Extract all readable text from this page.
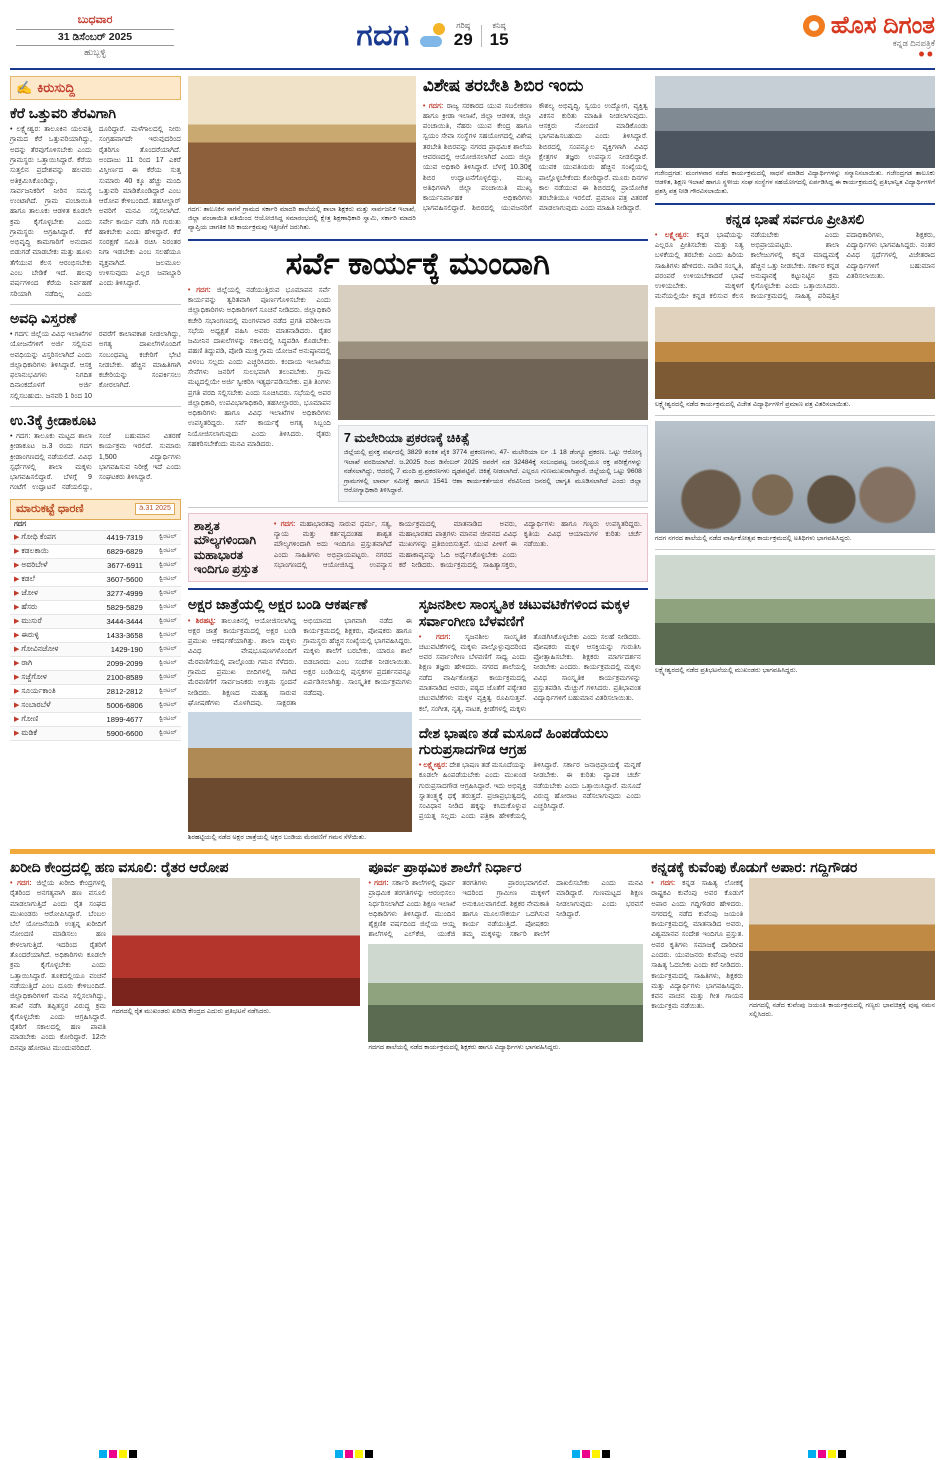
ಬುಧವಾರ
31 ಡಿಸೆಂಬರ್ 2025
ಹುಬ್ಬಳ್ಳಿ	ಗದಗ	ಗರಿಷ್ಠ
29
ಕನಿಷ್ಠ
15
ಹೊಸ ದಿಗಂತ
ಕನ್ನಡ ದಿನಪತ್ರಿಕೆ
••
✍ ಕಿರುಸುದ್ದಿ
ಕೆರೆ ಒತ್ತುವರಿ ತೆರವಿಗಾಗಿ
• ಲಕ್ಷ್ಮೇಶ್ವರ: ತಾಲೂಕಿನ ಯಲವತ್ತಿ ಗ್ರಾಮದ ಕೆರೆ ಒತ್ತುವರಿಯಾಗಿದ್ದು, ಅದನ್ನು ತೆರವುಗೊಳಿಸಬೇಕು ಎಂದು ಗ್ರಾಮಸ್ಥರು ಒತ್ತಾಯಿಸಿದ್ದಾರೆ. ಕೆರೆಯ ಸುತ್ತಲಿನ ಪ್ರದೇಶವನ್ನು ಹಲವರು ಅತಿಕ್ರಮಿಸಿಕೊಂಡಿದ್ದು, ಸಾರ್ವಜನಿಕರಿಗೆ ನೀರಿನ ಸಮಸ್ಯೆ ಉಂಟಾಗಿದೆ. ಗ್ರಾಮ ಪಂಚಾಯಿತಿ ಹಾಗೂ ತಾಲೂಕು ಆಡಳಿತ ಕೂಡಲೇ ಕ್ರಮ ಕೈಗೊಳ್ಳಬೇಕು ಎಂದು ಗ್ರಾಮಸ್ಥರು ಆಗ್ರಹಿಸಿದ್ದಾರೆ. ಕೆರೆ ಅಭಿವೃದ್ಧಿ ಕಾಮಗಾರಿಗೆ ಅನುದಾನ ಬಿಡುಗಡೆ ಮಾಡಬೇಕು ಮತ್ತು ಹೂಳು ತೆಗೆಯುವ ಕೆಲಸ ಆರಂಭಿಸಬೇಕು ಎಂಬ ಬೇಡಿಕೆ ಇದೆ. ಹಲವು ವರ್ಷಗಳಿಂದ ಕೆರೆಯ ನಿರ್ವಹಣೆ ಸರಿಯಾಗಿ ನಡೆದಿಲ್ಲ ಎಂದು ದೂರಿದ್ದಾರೆ. ಮಳೆಗಾಲದಲ್ಲಿ ನೀರು ಸಂಗ್ರಹವಾಗದೇ ಇರುವುದರಿಂದ ರೈತರಿಗೂ ತೊಂದರೆಯಾಗಿದೆ. ಅಂದಾಜು 11 ರಿಂದ 17 ಎಕರೆ ವಿಸ್ತೀರ್ಣದ ಈ ಕೆರೆಯ ಸುತ್ತ ಸುಮಾರು 40 ಕ್ಕೂ ಹೆಚ್ಚು ಮಂದಿ ಒತ್ತುವರಿ ಮಾಡಿಕೊಂಡಿದ್ದಾರೆ ಎಂಬ ಆರೋಪ ಕೇಳಿಬಂದಿದೆ. ತಹಸೀಲ್ದಾರ್ ಅವರಿಗೆ ಮನವಿ ಸಲ್ಲಿಸಲಾಗಿದೆ. ಸರ್ವೇ ಕಾರ್ಯ ನಡೆಸಿ ಗಡಿ ಗುರುತು ಹಾಕಬೇಕು ಎಂದು ಹೇಳಿದ್ದಾರೆ. ಕೆರೆ ಸಂರಕ್ಷಣೆ ಸಮಿತಿ ರಚಿಸಿ ನಿರಂತರ ನಿಗಾ ಇಡಬೇಕು ಎಂಬ ಸಲಹೆಯೂ ವ್ಯಕ್ತವಾಗಿದೆ. ಜಲಮೂಲ ಉಳಿಸುವುದು ಎಲ್ಲರ ಜವಾಬ್ದಾರಿ ಎಂದು ತಿಳಿಸಿದ್ದಾರೆ.
ಅವಧಿ ವಿಸ್ತರಣೆ
• ಗದಗ: ಜಿಲ್ಲೆಯ ವಿವಿಧ ಇಲಾಖೆಗಳ ಯೋಜನೆಗಳಿಗೆ ಅರ್ಜಿ ಸಲ್ಲಿಸುವ ಅವಧಿಯನ್ನು ವಿಸ್ತರಿಸಲಾಗಿದೆ ಎಂದು ಜಿಲ್ಲಾಧಿಕಾರಿಗಳು ತಿಳಿಸಿದ್ದಾರೆ. ಆಸಕ್ತ ಫಲಾನುಭವಿಗಳು ನಿಗದಿತ ದಿನಾಂಕದೊಳಗೆ ಅರ್ಜಿ ಸಲ್ಲಿಸಬಹುದು. ಜನವರಿ 1 ರಿಂದ 10 ರವರೆಗೆ ಕಾಲಾವಕಾಶ ನೀಡಲಾಗಿದ್ದು, ಅಗತ್ಯ ದಾಖಲೆಗಳೊಂದಿಗೆ ಸಂಬಂಧಪಟ್ಟ ಕಚೇರಿಗೆ ಭೇಟಿ ನೀಡಬೇಕು. ಹೆಚ್ಚಿನ ಮಾಹಿತಿಗಾಗಿ ಕಚೇರಿಯನ್ನು ಸಂಪರ್ಕಿಸಲು ಕೋರಲಾಗಿದೆ.
ಉ.3ಕ್ಕೆ ಕ್ರೀಡಾಕೂಟ
• ಗದಗ: ತಾಲೂಕು ಮಟ್ಟದ ಶಾಲಾ ಕ್ರೀಡಾಕೂಟ ಜ.3 ರಂದು ಗದಗ ಕ್ರೀಡಾಂಗಣದಲ್ಲಿ ನಡೆಯಲಿದೆ. ವಿವಿಧ ಸ್ಪರ್ಧೆಗಳಲ್ಲಿ ಶಾಲಾ ಮಕ್ಕಳು ಭಾಗವಹಿಸಲಿದ್ದಾರೆ. ಬೆಳಗ್ಗೆ 9 ಗಂಟೆಗೆ ಉದ್ಘಾಟನೆ ನಡೆಯಲಿದ್ದು, ಸಂಜೆ ಬಹುಮಾನ ವಿತರಣೆ ಕಾರ್ಯಕ್ರಮ ಇರಲಿದೆ. ಸುಮಾರು 1,500 ವಿದ್ಯಾರ್ಥಿಗಳು ಭಾಗವಹಿಸುವ ನಿರೀಕ್ಷೆ ಇದೆ ಎಂದು ಸಂಘಟಕರು ತಿಳಿಸಿದ್ದಾರೆ.
ಮಾರುಕಟ್ಟೆ ಧಾರಣಿ	ಡಿ.31 2025
ಗದಗ
▶ ಗೋಧಿ ಕೆಂಪಗ	4419-7319	ಕ್ವಿಂಟಲ್
▶ ಕಡಲಕಾಯಿ	6829-6829	ಕ್ವಿಂಟಲ್
▶ ಅವರಿಬೇಳೆ	3677-6911	ಕ್ವಿಂಟಲ್
▶ ಕಡಲೆ	3607-5600	ಕ್ವಿಂಟಲ್
▶ ಜೋಳ	3277-4999	ಕ್ವಿಂಟಲ್
▶ ಹೆಸರು	5829-5829	ಕ್ವಿಂಟಲ್
▶ ಮುಸುರೆ	3444-3444	ಕ್ವಿಂಟಲ್
▶ ಈರುಳ್ಳಿ	1433-3658	ಕ್ವಿಂಟಲ್
▶ ಗೋವಿನಜೋಳ	1429-190	ಕ್ವಿಂಟಲ್
▶ ರಾಗಿ	2099-2099	ಕ್ವಿಂಟಲ್
▶ ಸಜ್ಜೆಗೋಳ	2100-8589	ಕ್ವಿಂಟಲ್
▶ ಸೂರ್ಯಕಾಂತಿ	2812-2812	ಕ್ವಿಂಟಲ್
▶ ಸಂಬಾರಬೆಳೆ	5006-6806	ಕ್ವಿಂಟಲ್
▶ ಗೋಣಿ	1899-4677	ಕ್ವಿಂಟಲ್
▶ ಮಡಿಕೆ	5900-6600	ಕ್ವಿಂಟಲ್
ಗದಗ: ತಾಲೂಕಿನ ಸಾಗನೆ ಗ್ರಾಮದ ಸರ್ಕಾರಿ ಮಾದರಿ ಶಾಲೆಯಲ್ಲಿ ಶಾಲಾ ಶಿಕ್ಷಕರು ಮತ್ತು ಸಾರ್ವಜನಿಕ ಇಲಾಖೆ, ಜಿಲ್ಲಾ ಪಂಚಾಯಿತಿ ವತಿಯಿಂದ ಆಯೋಜಿಸಿದ್ದ ಸಮಾರಂಭದಲ್ಲಿ ಕ್ಷೇತ್ರ ಶಿಕ್ಷಣಾಧಿಕಾರಿ ಸ್ವಾಮಿ, ಸರ್ಕಾರಿ ಮಾದರಿ ವ್ಯಾಪ್ತಿಯ ಜಾಗತಿಕ ಸಿರಿ ಕಾರ್ಯಕ್ರಮವು ಇತ್ತೀಚೆಗೆ ಜರುಗಿತು.
ವಿಶೇಷ ತರಬೇತಿ ಶಿಬಿರ ಇಂದು
• ಗದಗ: ರಾಜ್ಯ ಸರಕಾರದ ಯುವ ಸಬಲೀಕರಣ ಹಾಗೂ ಕ್ರೀಡಾ ಇಲಾಖೆ, ಜಿಲ್ಲಾ ಆಡಳಿತ, ಜಿಲ್ಲಾ ಪಂಚಾಯಿತಿ, ನೆಹರು ಯುವ ಕೇಂದ್ರ ಹಾಗೂ ಸ್ವಯಂ ಸೇವಾ ಸಂಸ್ಥೆಗಳ ಸಹಯೋಗದಲ್ಲಿ ವಿಶೇಷ ತರಬೇತಿ ಶಿಬಿರವನ್ನು ನಗರದ ಪ್ರಾಥಮಿಕ ಶಾಲೆಯ ಆವರಣದಲ್ಲಿ ಆಯೋಜಿಸಲಾಗಿದೆ ಎಂದು ಜಿಲ್ಲಾ ಯುವ ಅಧಿಕಾರಿ ತಿಳಿಸಿದ್ದಾರೆ. ಬೆಳಗ್ಗೆ 10.30ಕ್ಕೆ ಶಿಬಿರ ಉದ್ಘಾಟನೆಗೊಳ್ಳಲಿದ್ದು, ಮುಖ್ಯ ಅತಿಥಿಗಳಾಗಿ ಜಿಲ್ಲಾ ಪಂಚಾಯಿತಿ ಮುಖ್ಯ ಕಾರ್ಯನಿರ್ವಾಹಕ ಅಧಿಕಾರಿಗಳು ಭಾಗವಹಿಸಲಿದ್ದಾರೆ. ಶಿಬಿರದಲ್ಲಿ ಯುವಜನರಿಗೆ ಕೌಶಲ್ಯ ಅಭಿವೃದ್ಧಿ, ಸ್ವಯಂ ಉದ್ಯೋಗ, ವ್ಯಕ್ತಿತ್ವ ವಿಕಸನ ಕುರಿತು ಮಾಹಿತಿ ನೀಡಲಾಗುವುದು. ಆಸಕ್ತರು ನೋಂದಣಿ ಮಾಡಿಕೊಂಡು ಭಾಗವಹಿಸಬಹುದು ಎಂದು ತಿಳಿಸಿದ್ದಾರೆ. ಶಿಬಿರದಲ್ಲಿ ಸಂಪನ್ಮೂಲ ವ್ಯಕ್ತಿಗಳಾಗಿ ವಿವಿಧ ಕ್ಷೇತ್ರಗಳ ತಜ್ಞರು ಉಪನ್ಯಾಸ ನೀಡಲಿದ್ದಾರೆ. ಯುವಕ ಯುವತಿಯರು ಹೆಚ್ಚಿನ ಸಂಖ್ಯೆಯಲ್ಲಿ ಪಾಲ್ಗೊಳ್ಳಬೇಕೆಂದು ಕೋರಿದ್ದಾರೆ. ಮೂರು ದಿನಗಳ ಕಾಲ ನಡೆಯುವ ಈ ಶಿಬಿರದಲ್ಲಿ ಪ್ರಾಯೋಗಿಕ ತರಬೇತಿಯೂ ಇರಲಿದೆ. ಪ್ರಮಾಣ ಪತ್ರ ವಿತರಣೆ ಮಾಡಲಾಗುವುದು ಎಂದು ಮಾಹಿತಿ ನೀಡಿದ್ದಾರೆ.
ಸರ್ವೆ ಕಾರ್ಯಕ್ಕೆ ಮುಂದಾಗಿ
• ಗದಗ: ಜಿಲ್ಲೆಯಲ್ಲಿ ನಡೆಯುತ್ತಿರುವ ಭೂಮಾಪನ ಸರ್ವೆ ಕಾರ್ಯವನ್ನು ತ್ವರಿತವಾಗಿ ಪೂರ್ಣಗೊಳಿಸಬೇಕು ಎಂದು ಜಿಲ್ಲಾಧಿಕಾರಿಗಳು ಅಧಿಕಾರಿಗಳಿಗೆ ಸೂಚನೆ ನೀಡಿದರು. ಜಿಲ್ಲಾಧಿಕಾರಿ ಕಚೇರಿ ಸಭಾಂಗಣದಲ್ಲಿ ಮಂಗಳವಾರ ನಡೆದ ಪ್ರಗತಿ ಪರಿಶೀಲನಾ ಸಭೆಯ ಅಧ್ಯಕ್ಷತೆ ವಹಿಸಿ ಅವರು ಮಾತನಾಡಿದರು. ರೈತರ ಜಮೀನಿನ ದಾಖಲೆಗಳನ್ನು ಸಕಾಲದಲ್ಲಿ ಸಿದ್ಧಪಡಿಸಿ ಕೊಡಬೇಕು. ಪಹಣಿ ತಿದ್ದುಪಡಿ, ಪೋಡಿ ಮುಕ್ತ ಗ್ರಾಮ ಯೋಜನೆ ಅನುಷ್ಠಾನದಲ್ಲಿ ವಿಳಂಬ ಸಲ್ಲದು ಎಂದು ಎಚ್ಚರಿಸಿದರು. ಕಂದಾಯ ಇಲಾಖೆಯ ಸೇವೆಗಳು ಜನರಿಗೆ ಸುಲಭವಾಗಿ ತಲುಪಬೇಕು. ಗ್ರಾಮ ಮಟ್ಟದಲ್ಲಿಯೇ ಅರ್ಜಿ ಸ್ವೀಕರಿಸಿ ಇತ್ಯರ್ಥಪಡಿಸಬೇಕು. ಪ್ರತಿ ತಿಂಗಳು ಪ್ರಗತಿ ವರದಿ ಸಲ್ಲಿಸಬೇಕು ಎಂದು ಸೂಚಿಸಿದರು. ಸಭೆಯಲ್ಲಿ ಅಪರ ಜಿಲ್ಲಾಧಿಕಾರಿ, ಉಪವಿಭಾಗಾಧಿಕಾರಿ, ತಹಸೀಲ್ದಾರರು, ಭೂಮಾಪನ ಅಧಿಕಾರಿಗಳು ಹಾಗೂ ವಿವಿಧ ಇಲಾಖೆಗಳ ಅಧಿಕಾರಿಗಳು ಉಪಸ್ಥಿತರಿದ್ದರು. ಸರ್ವೆ ಕಾರ್ಯಕ್ಕೆ ಅಗತ್ಯ ಸಿಬ್ಬಂದಿ ನಿಯೋಜಿಸಲಾಗುವುದು ಎಂದು ತಿಳಿಸಿದರು. ರೈತರು ಸಹಕರಿಸಬೇಕೆಂದು ಮನವಿ ಮಾಡಿದರು.	7 ಮಲೇರಿಯಾ ಪ್ರಕರಣಕ್ಕೆ ಚಿಕಿತ್ಸೆ
ಜಿಲ್ಲೆಯಲ್ಲಿ ಪ್ರಸಕ್ತ ವರ್ಷದಲ್ಲಿ 3829 ಶಂಕಿತ ಪೈಕಿ 3774 ಪ್ರಕರಣಗಳು, 47- ಮಲೇರಿಯಾ ರ್ಲ .1 18 ಡೆಂಗ್ಯೂ ಪ್ರಕರಣ. ಒಟ್ಟು ಆರೋಗ್ಯ ಇಲಾಖೆ ವರದಿಯಾಗಿದೆ. ಜ.2025 ರಿಂದ ಡಿಸೆಂಬರ್ 2025 ರವರೆಗೆ ನಡ 32484ಕ್ಕೆ ಸಂಬಂಧಪಟ್ಟ ಜನರಲ್ಲಿಯೂ ರಕ್ತ ಪರೀಕ್ಷೆಗಳನ್ನು ನಡೆಸಲಾಗಿದ್ದು, ಆದರಲ್ಲಿ 7 ಮಂದಿ ಪ್ರ.ಪ್ರಕರಣಗಳು ದೃಢಪಟ್ಟಿವೆ. ಚಿಕಿತ್ಸೆ ನೀಡಲಾಗಿದೆ. ಎಲ್ಲರೂ ಗುಣಮುಖರಾಗಿದ್ದಾರೆ. ಜಿಲ್ಲೆಯಲ್ಲಿ ಒಟ್ಟು 9608 ಗ್ರಾಮಗಳಲ್ಲಿ ಲಾರ್ವಾ ಸಮೀಕ್ಷೆ ಹಾಗೂ 1541 ಆಶಾ ಕಾರ್ಯಕರ್ತೆಯರ ನೆರವಿನಿಂದ ಜನರಲ್ಲಿ ಜಾಗೃತಿ ಮೂಡಿಸಲಾಗಿದೆ ಎಂದು ಜಿಲ್ಲಾ ಆರೋಗ್ಯಾಧಿಕಾರಿ ತಿಳಿಸಿದ್ದಾರೆ.
ಶಾಶ್ವತ ಮೌಲ್ಯಗಳಿಂದಾಗಿ ಮಹಾಭಾರತ ಇಂದಿಗೂ ಪ್ರಸ್ತುತ
• ಗದಗ: ಮಹಾಭಾರತವು ಸಾರುವ ಧರ್ಮ, ಸತ್ಯ, ನ್ಯಾಯ ಮತ್ತು ಕರ್ತವ್ಯದಂತಹ ಶಾಶ್ವತ ಮೌಲ್ಯಗಳಿಂದಾಗಿ ಅದು ಇಂದಿಗೂ ಪ್ರಸ್ತುತವಾಗಿದೆ ಎಂದು ಸಾಹಿತಿಗಳು ಅಭಿಪ್ರಾಯಪಟ್ಟರು. ನಗರದ ಸಭಾಂಗಣದಲ್ಲಿ ಆಯೋಜಿಸಿದ್ದ ಉಪನ್ಯಾಸ ಕಾರ್ಯಕ್ರಮದಲ್ಲಿ ಮಾತನಾಡಿದ ಅವರು, ಮಹಾಭಾರತದ ಪಾತ್ರಗಳು ಮಾನವ ಜೀವನದ ವಿವಿಧ ಮುಖಗಳನ್ನು ಪ್ರತಿಬಿಂಬಿಸುತ್ತವೆ. ಯುವ ಪೀಳಿಗೆ ಈ ಮಹಾಕಾವ್ಯವನ್ನು ಓದಿ ಅರ್ಥೈಸಿಕೊಳ್ಳಬೇಕು ಎಂದು ಕರೆ ನೀಡಿದರು. ಕಾರ್ಯಕ್ರಮದಲ್ಲಿ ಸಾಹಿತ್ಯಾಸಕ್ತರು, ವಿದ್ಯಾರ್ಥಿಗಳು ಹಾಗೂ ಗಣ್ಯರು ಉಪಸ್ಥಿತರಿದ್ದರು. ಕೃತಿಯ ವಿವಿಧ ಆಯಾಮಗಳ ಕುರಿತು ಚರ್ಚೆ ನಡೆಯಿತು.
ಅಕ್ಷರ ಜಾತ್ರೆಯಲ್ಲಿ ಅಕ್ಷರ ಬಂಡಿ ಆಕರ್ಷಣೆ
• ಶಿರಹಟ್ಟಿ: ತಾಲೂಕಿನಲ್ಲಿ ಆಯೋಜಿಸಲಾಗಿದ್ದ ಅಕ್ಷರ ಜಾತ್ರೆ ಕಾರ್ಯಕ್ರಮದಲ್ಲಿ ಅಕ್ಷರ ಬಂಡಿ ಪ್ರಮುಖ ಆಕರ್ಷಣೆಯಾಗಿತ್ತು. ಶಾಲಾ ಮಕ್ಕಳು ವಿವಿಧ ವೇಷಭೂಷಣಗಳೊಂದಿಗೆ ಮೆರವಣಿಗೆಯಲ್ಲಿ ಪಾಲ್ಗೊಂಡು ಗಮನ ಸೆಳೆದರು. ಗ್ರಾಮದ ಪ್ರಮುಖ ಬೀದಿಗಳಲ್ಲಿ ಸಾಗಿದ ಮೆರವಣಿಗೆಗೆ ಸಾರ್ವಜನಿಕರು ಉತ್ತಮ ಸ್ಪಂದನೆ ನೀಡಿದರು. ಶಿಕ್ಷಣದ ಮಹತ್ವ ಸಾರುವ ಘೋಷಣೆಗಳು ಮೊಳಗಿದವು. ಸಾಕ್ಷರತಾ ಅಭಿಯಾನದ ಭಾಗವಾಗಿ ನಡೆದ ಈ ಕಾರ್ಯಕ್ರಮದಲ್ಲಿ ಶಿಕ್ಷಕರು, ಪೋಷಕರು ಹಾಗೂ ಗ್ರಾಮಸ್ಥರು ಹೆಚ್ಚಿನ ಸಂಖ್ಯೆಯಲ್ಲಿ ಭಾಗವಹಿಸಿದ್ದರು. ಮಕ್ಕಳು ಶಾಲೆಗೆ ಬರಬೇಕು, ಯಾರೂ ಶಾಲೆ ಬಿಡಬಾರದು ಎಂಬ ಸಂದೇಶ ನೀಡಲಾಯಿತು. ಅಕ್ಷರ ಬಂಡಿಯಲ್ಲಿ ಪುಸ್ತಕಗಳ ಪ್ರದರ್ಶನವನ್ನೂ ಏರ್ಪಡಿಸಲಾಗಿತ್ತು. ಸಾಂಸ್ಕೃತಿಕ ಕಾರ್ಯಕ್ರಮಗಳು ನಡೆದವು.
ಶಿರಹಟ್ಟಿಯಲ್ಲಿ ನಡೆದ ಅಕ್ಷರ ಜಾತ್ರೆಯಲ್ಲಿ ಅಕ್ಷರ ಬಂಡಿಯ ಮೆರವಣಿಗೆ ಗಮನ ಸೆಳೆಯಿತು.
ಸೃಜನಶೀಲ ಸಾಂಸ್ಕೃತಿಕ ಚಟುವಟಿಕೆಗಳಿಂದ ಮಕ್ಕಳ ಸರ್ವಾಂಗೀಣ ಬೆಳವಣಿಗೆ
• ಗದಗ: ಸೃಜನಶೀಲ ಸಾಂಸ್ಕೃತಿಕ ಚಟುವಟಿಕೆಗಳಲ್ಲಿ ಮಕ್ಕಳು ಪಾಲ್ಗೊಳ್ಳುವುದರಿಂದ ಅವರ ಸರ್ವಾಂಗೀಣ ಬೆಳವಣಿಗೆ ಸಾಧ್ಯ ಎಂದು ಶಿಕ್ಷಣ ತಜ್ಞರು ಹೇಳಿದರು. ನಗರದ ಶಾಲೆಯಲ್ಲಿ ನಡೆದ ವಾರ್ಷಿಕೋತ್ಸವ ಕಾರ್ಯಕ್ರಮದಲ್ಲಿ ಮಾತನಾಡಿದ ಅವರು, ಪಠ್ಯದ ಜೊತೆಗೆ ಪಠ್ಯೇತರ ಚಟುವಟಿಕೆಗಳು ಮಕ್ಕಳ ವ್ಯಕ್ತಿತ್ವ ರೂಪಿಸುತ್ತವೆ. ಕಲೆ, ಸಂಗೀತ, ನೃತ್ಯ, ನಾಟಕ, ಕ್ರೀಡೆಗಳಲ್ಲಿ ಮಕ್ಕಳು ತೊಡಗಿಸಿಕೊಳ್ಳಬೇಕು ಎಂದು ಸಲಹೆ ನೀಡಿದರು. ಪೋಷಕರು ಮಕ್ಕಳ ಆಸಕ್ತಿಯನ್ನು ಗುರುತಿಸಿ ಪ್ರೋತ್ಸಾಹಿಸಬೇಕು. ಶಿಕ್ಷಕರು ಮಾರ್ಗದರ್ಶನ ನೀಡಬೇಕು ಎಂದರು. ಕಾರ್ಯಕ್ರಮದಲ್ಲಿ ಮಕ್ಕಳು ವಿವಿಧ ಸಾಂಸ್ಕೃತಿಕ ಕಾರ್ಯಕ್ರಮಗಳನ್ನು ಪ್ರಸ್ತುತಪಡಿಸಿ ಮೆಚ್ಚುಗೆ ಗಳಿಸಿದರು. ಪ್ರತಿಭಾವಂತ ವಿದ್ಯಾರ್ಥಿಗಳಿಗೆ ಬಹುಮಾನ ವಿತರಿಸಲಾಯಿತು.
ದೇಶ ಭಾಷಣ ತಡೆ ಮಸೂದೆ ಹಿಂಪಡೆಯಲು ಗುರುಪ್ರಸಾದಗೌಡ ಆಗ್ರಹ
• ಲಕ್ಷ್ಮೇಶ್ವರ: ದೇಶ ಭಾಷಣ ತಡೆ ಮಸೂದೆಯನ್ನು ಕೂಡಲೇ ಹಿಂಪಡೆಯಬೇಕು ಎಂದು ಮುಖಂಡ ಗುರುಪ್ರಸಾದಗೌಡ ಆಗ್ರಹಿಸಿದ್ದಾರೆ. ಇದು ಅಭಿವ್ಯಕ್ತಿ ಸ್ವಾತಂತ್ರ್ಯಕ್ಕೆ ಧಕ್ಕೆ ತರುತ್ತದೆ. ಪ್ರಜಾಪ್ರಭುತ್ವದಲ್ಲಿ ಸಂವಿಧಾನ ನೀಡಿದ ಹಕ್ಕನ್ನು ಕಸಿದುಕೊಳ್ಳುವ ಪ್ರಯತ್ನ ಸಲ್ಲದು ಎಂದು ಪತ್ರಿಕಾ ಹೇಳಿಕೆಯಲ್ಲಿ ತಿಳಿಸಿದ್ದಾರೆ. ಸರ್ಕಾರ ಜನಾಭಿಪ್ರಾಯಕ್ಕೆ ಮನ್ನಣೆ ನೀಡಬೇಕು. ಈ ಕುರಿತು ವ್ಯಾಪಕ ಚರ್ಚೆ ನಡೆಯಬೇಕು ಎಂದು ಒತ್ತಾಯಿಸಿದ್ದಾರೆ. ಮಸೂದೆ ವಿರುದ್ಧ ಹೋರಾಟ ನಡೆಸಲಾಗುವುದು ಎಂದು ಎಚ್ಚರಿಸಿದ್ದಾರೆ.
ಗಜೇಂದ್ರಗಡ: ಮಂಗಳವಾರ ನಡೆದ ಕಾರ್ಯಕ್ರಮದಲ್ಲಿ ಸಾಧನೆ ಮಾಡಿದ ವಿದ್ಯಾರ್ಥಿಗಳನ್ನು ಸನ್ಮಾನಿಸಲಾಯಿತು. ಗಜೇಂದ್ರಗಡ ತಾಲೂಕು ಆಡಳಿತ, ಶಿಕ್ಷಣ ಇಲಾಖೆ ಹಾಗೂ ಸ್ಥಳೀಯ ಸಂಘ ಸಂಸ್ಥೆಗಳ ಸಹಯೋಗದಲ್ಲಿ ಏರ್ಪಡಿಸಿದ್ದ ಈ ಕಾರ್ಯಕ್ರಮದಲ್ಲಿ ಪ್ರತಿಭಾನ್ವಿತ ವಿದ್ಯಾರ್ಥಿಗಳಿಗೆ ಪ್ರಶಸ್ತಿ ಪತ್ರ ನೀಡಿ ಗೌರವಿಸಲಾಯಿತು.
ಕನ್ನಡ ಭಾಷೆ ಸರ್ವರೂ ಪ್ರೀತಿಸಲಿ
• ಲಕ್ಷ್ಮೇಶ್ವರ: ಕನ್ನಡ ಭಾಷೆಯನ್ನು ಎಲ್ಲರೂ ಪ್ರೀತಿಸಬೇಕು ಮತ್ತು ನಿತ್ಯ ಬಳಕೆಯಲ್ಲಿ ತರಬೇಕು ಎಂದು ಹಿರಿಯ ಸಾಹಿತಿಗಳು ಹೇಳಿದರು. ನಾಡಿನ ಸಂಸ್ಕೃತಿ, ಪರಂಪರೆ ಉಳಿಯಬೇಕಾದರೆ ಭಾಷೆ ಉಳಿಯಬೇಕು. ಮಕ್ಕಳಿಗೆ ಮನೆಯಲ್ಲಿಯೇ ಕನ್ನಡ ಕಲಿಸುವ ಕೆಲಸ ನಡೆಯಬೇಕು ಎಂದು ಅಭಿಪ್ರಾಯಪಟ್ಟರು. ಶಾಲಾ ಕಾಲೇಜುಗಳಲ್ಲಿ ಕನ್ನಡ ಮಾಧ್ಯಮಕ್ಕೆ ಹೆಚ್ಚಿನ ಒತ್ತು ನೀಡಬೇಕು. ಸರ್ಕಾರ ಕನ್ನಡ ಅನುಷ್ಠಾನಕ್ಕೆ ಕಟ್ಟುನಿಟ್ಟಿನ ಕ್ರಮ ಕೈಗೊಳ್ಳಬೇಕು ಎಂದು ಒತ್ತಾಯಿಸಿದರು. ಕಾರ್ಯಕ್ರಮದಲ್ಲಿ ಸಾಹಿತ್ಯ ಪರಿಷತ್ತಿನ ಪದಾಧಿಕಾರಿಗಳು, ಶಿಕ್ಷಕರು, ವಿದ್ಯಾರ್ಥಿಗಳು ಭಾಗವಹಿಸಿದ್ದರು. ನಂತರ ವಿವಿಧ ಸ್ಪರ್ಧೆಗಳಲ್ಲಿ ವಿಜೇತರಾದ ವಿದ್ಯಾರ್ಥಿಗಳಿಗೆ ಬಹುಮಾನ ವಿತರಿಸಲಾಯಿತು.
ಲಕ್ಷ್ಮೇಶ್ವರದಲ್ಲಿ ನಡೆದ ಕಾರ್ಯಕ್ರಮದಲ್ಲಿ ವಿಜೇತ ವಿದ್ಯಾರ್ಥಿಗಳಿಗೆ ಪ್ರಮಾಣ ಪತ್ರ ವಿತರಿಸಲಾಯಿತು.
ಗದಗ ನಗರದ ಶಾಲೆಯಲ್ಲಿ ನಡೆದ ವಾರ್ಷಿಕೋತ್ಸವ ಕಾರ್ಯಕ್ರಮದಲ್ಲಿ ಅತಿಥಿಗಳು ಭಾಗವಹಿಸಿದ್ದರು.
ಲಕ್ಷ್ಮೇಶ್ವರದಲ್ಲಿ ನಡೆದ ಪ್ರತಿಭಟನೆಯಲ್ಲಿ ಮುಖಂಡರು ಭಾಗವಹಿಸಿದ್ದರು.
ಖರೀದಿ ಕೇಂದ್ರದಲ್ಲಿ ಹಣ ವಸೂಲಿ: ರೈತರ ಆರೋಪ
• ಗದಗ: ಜಿಲ್ಲೆಯ ಖರೀದಿ ಕೇಂದ್ರಗಳಲ್ಲಿ ರೈತರಿಂದ ಅನಗತ್ಯವಾಗಿ ಹಣ ವಸೂಲಿ ಮಾಡಲಾಗುತ್ತಿದೆ ಎಂದು ರೈತ ಸಂಘದ ಮುಖಂಡರು ಆರೋಪಿಸಿದ್ದಾರೆ. ಬೆಂಬಲ ಬೆಲೆ ಯೋಜನೆಯಡಿ ಉತ್ಪನ್ನ ಖರೀದಿಗೆ ನೋಂದಣಿ ಮಾಡಿಸಲು ಹಣ ಕೇಳಲಾಗುತ್ತಿದೆ. ಇದರಿಂದ ರೈತರಿಗೆ ತೊಂದರೆಯಾಗಿದೆ. ಅಧಿಕಾರಿಗಳು ಕೂಡಲೇ ಕ್ರಮ ಕೈಗೊಳ್ಳಬೇಕು ಎಂದು ಒತ್ತಾಯಿಸಿದ್ದಾರೆ. ತೂಕದಲ್ಲಿಯೂ ವಂಚನೆ ನಡೆಯುತ್ತಿದೆ ಎಂಬ ದೂರು ಕೇಳಿಬಂದಿದೆ. ಜಿಲ್ಲಾಧಿಕಾರಿಗಳಿಗೆ ಮನವಿ ಸಲ್ಲಿಸಲಾಗಿದ್ದು, ತನಿಖೆ ನಡೆಸಿ ತಪ್ಪಿತಸ್ಥರ ವಿರುದ್ಧ ಕ್ರಮ ಕೈಗೊಳ್ಳಬೇಕು ಎಂದು ಆಗ್ರಹಿಸಿದ್ದಾರೆ. ರೈತರಿಗೆ ಸಕಾಲದಲ್ಲಿ ಹಣ ಪಾವತಿ ಮಾಡಬೇಕು ಎಂದು ಕೋರಿದ್ದಾರೆ. 12ನೇ ದಿನವೂ ಹೋರಾಟ ಮುಂದುವರಿದಿದೆ.
ಗದಗದಲ್ಲಿ ರೈತ ಮುಖಂಡರು ಖರೀದಿ ಕೇಂದ್ರದ ಎದುರು ಪ್ರತಿಭಟನೆ ನಡೆಸಿದರು.
ಪೂರ್ವ ಪ್ರಾಥಮಿಕ ಶಾಲೆಗೆ ನಿರ್ಧಾರ
• ಗದಗ: ಸರ್ಕಾರಿ ಶಾಲೆಗಳಲ್ಲಿ ಪೂರ್ವ ಪ್ರಾಥಮಿಕ ತರಗತಿಗಳನ್ನು ಆರಂಭಿಸಲು ನಿರ್ಧರಿಸಲಾಗಿದೆ ಎಂದು ಶಿಕ್ಷಣ ಇಲಾಖೆ ಅಧಿಕಾರಿಗಳು ತಿಳಿಸಿದ್ದಾರೆ. ಮುಂದಿನ ಶೈಕ್ಷಣಿಕ ವರ್ಷದಿಂದ ಜಿಲ್ಲೆಯ ಆಯ್ದ ಶಾಲೆಗಳಲ್ಲಿ ಎಲ್‌ಕೆಜಿ, ಯುಕೆಜಿ ತರಗತಿಗಳು ಪ್ರಾರಂಭವಾಗಲಿವೆ. ಇದರಿಂದ ಗ್ರಾಮೀಣ ಮಕ್ಕಳಿಗೆ ಅನುಕೂಲವಾಗಲಿದೆ. ಶಿಕ್ಷಕರ ನೇಮಕಾತಿ ಹಾಗೂ ಮೂಲಸೌಕರ್ಯ ಒದಗಿಸುವ ಕಾರ್ಯ ನಡೆಯುತ್ತಿದೆ. ಪೋಷಕರು ತಮ್ಮ ಮಕ್ಕಳನ್ನು ಸರ್ಕಾರಿ ಶಾಲೆಗೆ ದಾಖಲಿಸಬೇಕು ಎಂದು ಮನವಿ ಮಾಡಿದ್ದಾರೆ. ಗುಣಮಟ್ಟದ ಶಿಕ್ಷಣ ನೀಡಲಾಗುವುದು ಎಂದು ಭರವಸೆ ನೀಡಿದ್ದಾರೆ.
ಗದಗದ ಶಾಲೆಯಲ್ಲಿ ನಡೆದ ಕಾರ್ಯಕ್ರಮದಲ್ಲಿ ಶಿಕ್ಷಕರು ಹಾಗೂ ವಿದ್ಯಾರ್ಥಿಗಳು ಭಾಗವಹಿಸಿದ್ದರು.
ಕನ್ನಡಕ್ಕೆ ಕುವೆಂಪು ಕೊಡುಗೆ ಅಪಾರ: ಗದ್ದಿಗೌಡರ
• ಗದಗ: ಕನ್ನಡ ಸಾಹಿತ್ಯ ಲೋಕಕ್ಕೆ ರಾಷ್ಟ್ರಕವಿ ಕುವೆಂಪು ಅವರ ಕೊಡುಗೆ ಅಪಾರ ಎಂದು ಗದ್ದಿಗೌಡರ ಹೇಳಿದರು. ನಗರದಲ್ಲಿ ನಡೆದ ಕುವೆಂಪು ಜಯಂತಿ ಕಾರ್ಯಕ್ರಮದಲ್ಲಿ ಮಾತನಾಡಿದ ಅವರು, ವಿಶ್ವಮಾನವ ಸಂದೇಶ ಇಂದಿಗೂ ಪ್ರಸ್ತುತ. ಅವರ ಕೃತಿಗಳು ಸಮಾಜಕ್ಕೆ ದಾರಿದೀಪ ಎಂದರು. ಯುವಜನರು ಕುವೆಂಪು ಅವರ ಸಾಹಿತ್ಯ ಓದಬೇಕು ಎಂದು ಕರೆ ನೀಡಿದರು. ಕಾರ್ಯಕ್ರಮದಲ್ಲಿ ಸಾಹಿತಿಗಳು, ಶಿಕ್ಷಕರು ಮತ್ತು ವಿದ್ಯಾರ್ಥಿಗಳು ಭಾಗವಹಿಸಿದ್ದರು. ಕವನ ವಾಚನ ಮತ್ತು ಗೀತ ಗಾಯನ ಕಾರ್ಯಕ್ರಮ ನಡೆಯಿತು.	ಗದಗದಲ್ಲಿ ನಡೆದ ಕುವೆಂಪು ಜಯಂತಿ ಕಾರ್ಯಕ್ರಮದಲ್ಲಿ ಗಣ್ಯರು ಭಾವಚಿತ್ರಕ್ಕೆ ಪುಷ್ಪ ನಮನ ಸಲ್ಲಿಸಿದರು.
